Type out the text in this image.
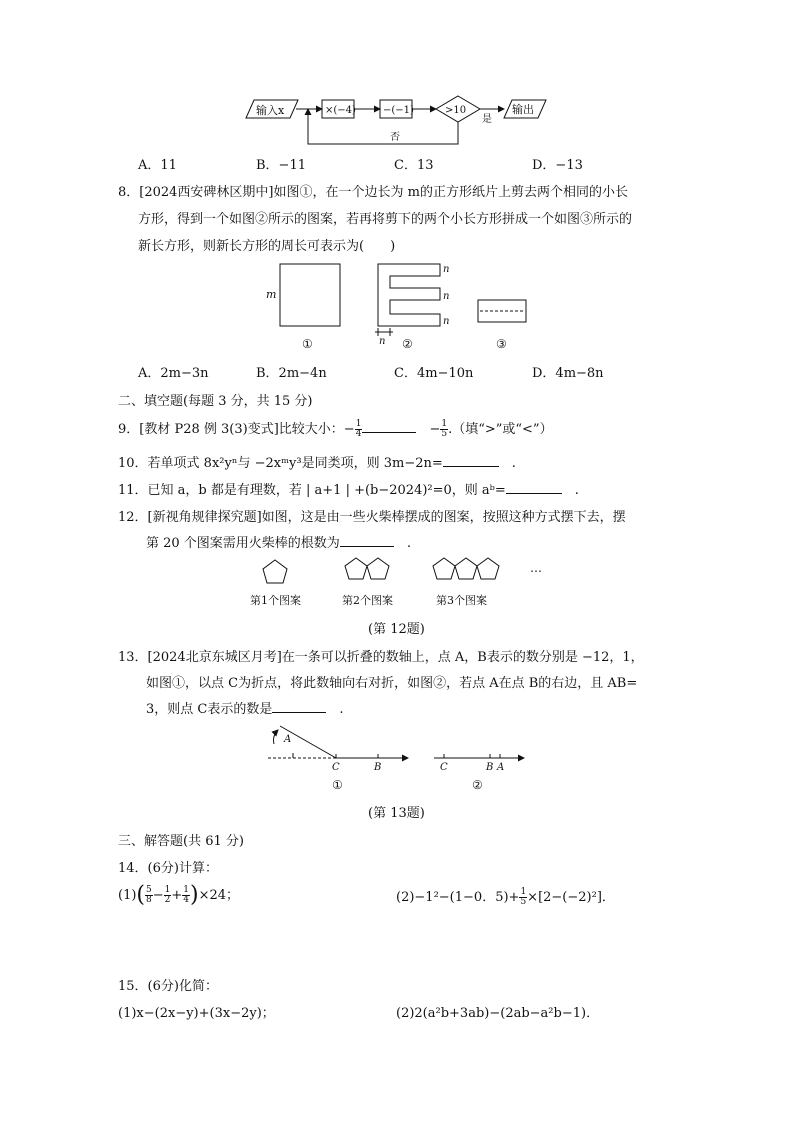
输入x	×(−4)	−(−1)	>10
是
输出
否
A．11	B．−11	C．13	D．−13
8．[2024西安碑林区期中]如图①，在一个边长为 m的正方形纸片上剪去两个相同的小长
方形，得到一个如图②所示的图案，若再将剪下的两个小长方形拼成一个如图③所示的
新长方形，则新长方形的周长可表示为(　　)
m
①
n
n
n
n ②	③
A．2m−3n	B．2m−4n	C．4m−10n	D．4m−8n
二、填空题(每题 3 分，共 15 分)
9．[教材 P28 例 3(3)变式]比较大小：− $\frac{1}{4}$
　	− $\frac{1}{5}$ .（填“>”或“<”）
10．若单项式 8x²yⁿ与 −2xᵐy³是同类项，则 3m−2n=	　.
11．已知 a，b 都是有理数，若 | a+1 | +(b−2024)²=0，则 aᵇ=	　.
12．[新视角规律探究题]如图，这是由一些火柴棒摆成的图案，按照这种方式摆下去，摆
第 20 个图案需用火柴棒的根数为	　.
…
第1个图案	第2个图案	第3个图案
(第 12题)
13．[2024北京东城区月考]在一条可以折叠的数轴上，点 A，B表示的数分别是 −12，1，
如图①，以点 C为折点，将此数轴向右对折，如图②，若点 A在点 B的右边，且 AB=
3，则点 C表示的数是	　.
A
C	B
①
C	B A
②
(第 13题)
三、解答题(共 61 分)
14．(6分)计算：
$(1)( \frac{5}{8} - \frac{1}{2} + \frac{1}{4} )\times 24$；	(2)−1²−(1−0．$5)+ \frac{1}{5} \times[2-(-2)^2]$．
15．(6分)化简：
(1)x−(2x−y)+(3x−2y)；	(2)2(a²b+3ab)−(2ab−a²b−1)．
